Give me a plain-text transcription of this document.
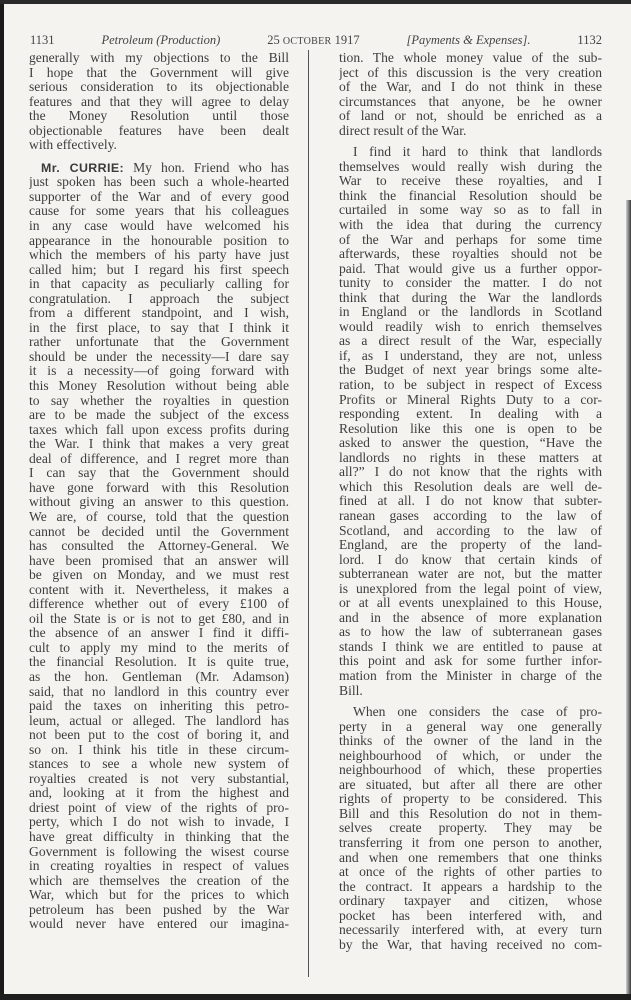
1131	Petroleum (Production)	25 OCTOBER 1917	[Payments & Expenses].	1132
generally with my objections to the Bill
I hope that the Government will give
serious consideration to its objectionable
features and that they will agree to delay
the Money Resolution until those
objectionable features have been dealt
with effectively.
Mr. CURRIE: My hon. Friend who has
just spoken has been such a whole-hearted
supporter of the War and of every good
cause for some years that his colleagues
in any case would have welcomed his
appearance in the honourable position to
which the members of his party have just
called him; but I regard his first speech
in that capacity as peculiarly calling for
congratulation. I approach the subject
from a different standpoint, and I wish,
in the first place, to say that I think it
rather unfortunate that the Government
should be under the necessity—I dare say
it is a necessity—of going forward with
this Money Resolution without being able
to say whether the royalties in question
are to be made the subject of the excess
taxes which fall upon excess profits during
the War. I think that makes a very great
deal of difference, and I regret more than
I can say that the Government should
have gone forward with this Resolution
without giving an answer to this question.
We are, of course, told that the question
cannot be decided until the Government
has consulted the Attorney-General. We
have been promised that an answer will
be given on Monday, and we must rest
content with it. Nevertheless, it makes a
difference whether out of every £100 of
oil the State is or is not to get £80, and in
the absence of an answer I find it diffi-
cult to apply my mind to the merits of
the financial Resolution. It is quite true,
as the hon. Gentleman (Mr. Adamson)
said, that no landlord in this country ever
paid the taxes on inheriting this petro-
leum, actual or alleged. The landlord has
not been put to the cost of boring it, and
so on. I think his title in these circum-
stances to see a whole new system of
royalties created is not very substantial,
and, looking at it from the highest and
driest point of view of the rights of pro-
perty, which I do not wish to invade, I
have great difficulty in thinking that the
Government is following the wisest course
in creating royalties in respect of values
which are themselves the creation of the
War, which but for the prices to which
petroleum has been pushed by the War
would never have entered our imagina-
tion. The whole money value of the sub-
ject of this discussion is the very creation
of the War, and I do not think in these
circumstances that anyone, be he owner
of land or not, should be enriched as a
direct result of the War.
I find it hard to think that landlords
themselves would really wish during the
War to receive these royalties, and I
think the financial Resolution should be
curtailed in some way so as to fall in
with the idea that during the currency
of the War and perhaps for some time
afterwards, these royalties should not be
paid. That would give us a further oppor-
tunity to consider the matter. I do not
think that during the War the landlords
in England or the landlords in Scotland
would readily wish to enrich themselves
as a direct result of the War, especially
if, as I understand, they are not, unless
the Budget of next year brings some alte-
ration, to be subject in respect of Excess
Profits or Mineral Rights Duty to a cor-
responding extent. In dealing with a
Resolution like this one is open to be
asked to answer the question, “Have the
landlords no rights in these matters at
all?” I do not know that the rights with
which this Resolution deals are well de-
fined at all. I do not know that subter-
ranean gases according to the law of
Scotland, and according to the law of
England, are the property of the land-
lord. I do know that certain kinds of
subterranean water are not, but the matter
is unexplored from the legal point of view,
or at all events unexplained to this House,
and in the absence of more explanation
as to how the law of subterranean gases
stands I think we are entitled to pause at
this point and ask for some further infor-
mation from the Minister in charge of the
Bill.
When one considers the case of pro-
perty in a general way one generally
thinks of the owner of the land in the
neighbourhood of which, or under the
neighbourhood of which, these properties
are situated, but after all there are other
rights of property to be considered. This
Bill and this Resolution do not in them-
selves create property. They may be
transferring it from one person to another,
and when one remembers that one thinks
at once of the rights of other parties to
the contract. It appears a hardship to the
ordinary taxpayer and citizen, whose
pocket has been interfered with, and
necessarily interfered with, at every turn
by the War, that having received no com-
